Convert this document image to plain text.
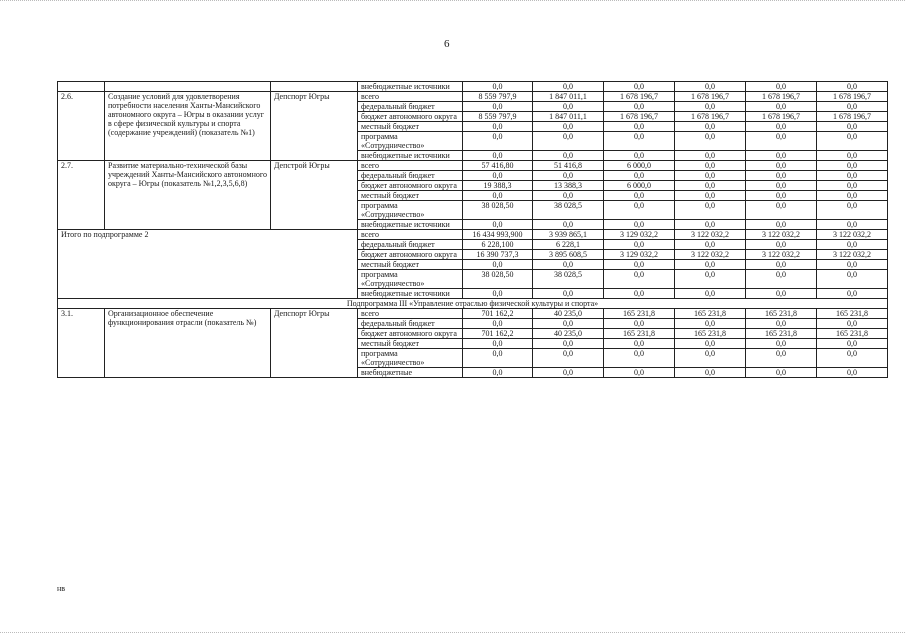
6
			внебюджетные источники	0,0	0,0	0,0	0,0	0,0	0,0
2.6.	Создание условий для удовлетворения потребности населения Ханты-Мансийского автономного округа – Югры в оказании услуг в сфере физической культуры и спорта (содержание учреждений) (показатель №1)	Депспорт Югры	всего	8 559 797,9	1 847 011,1	1 678 196,7	1 678 196,7	1 678 196,7	1 678 196,7
			федеральный бюджет	0,0	0,0	0,0	0,0	0,0	0,0
			бюджет автономного округа	8 559 797,9	1 847 011,1	1 678 196,7	1 678 196,7	1 678 196,7	1 678 196,7
			местный бюджет	0,0	0,0	0,0	0,0	0,0	0,0
			программа «Сотрудничество»	0,0	0,0	0,0	0,0	0,0	0,0
			внебюджетные источники	0,0	0,0	0,0	0,0	0,0	0,0
2.7.	Развитие материально-технической базы учреждений Ханты-Мансийского автономного округа – Югры (показатель №1,2,3,5,6,8)	Депстрой Югры	всего	57 416,80	51 416,8	6 000,0	0,0	0,0	0,0
			федеральный бюджет	0,0	0,0	0,0	0,0	0,0	0,0
			бюджет автономного округа	19 388,3	13 388,3	6 000,0	0,0	0,0	0,0
			местный бюджет	0,0	0,0	0,0	0,0	0,0	0,0
			программа «Сотрудничество»	38 028,50	38 028,5	0,0	0,0	0,0	0,0
			внебюджетные источники	0,0	0,0	0,0	0,0	0,0	0,0
Итого по подпрограмме 2			всего	16 434 993,900	3 939 865,1	3 129 032,2	3 122 032,2	3 122 032,2	3 122 032,2
			федеральный бюджет	6 228,100	6 228,1	0,0	0,0	0,0	0,0
			бюджет автономного округа	16 390 737,3	3 895 608,5	3 129 032,2	3 122 032,2	3 122 032,2	3 122 032,2
			местный бюджет	0,0	0,0	0,0	0,0	0,0	0,0
			программа «Сотрудничество»	38 028,50	38 028,5	0,0	0,0	0,0	0,0
			внебюджетные источники	0,0	0,0	0,0	0,0	0,0	0,0
Подпрограмма III «Управление отраслью физической культуры и спорта»									
3.1.	Организационное обеспечение функционирования отрасли (показатель №)	Депспорт Югры	всего	701 162,2	40 235,0	165 231,8	165 231,8	165 231,8	165 231,8
			федеральный бюджет	0,0	0,0	0,0	0,0	0,0	0,0
			бюджет автономного округа	701 162,2	40 235,0	165 231,8	165 231,8	165 231,8	165 231,8
			местный бюджет	0,0	0,0	0,0	0,0	0,0	0,0
			программа «Сотрудничество»	0,0	0,0	0,0	0,0	0,0	0,0
			внебюджетные	0,0	0,0	0,0	0,0	0,0	0,0
нв
